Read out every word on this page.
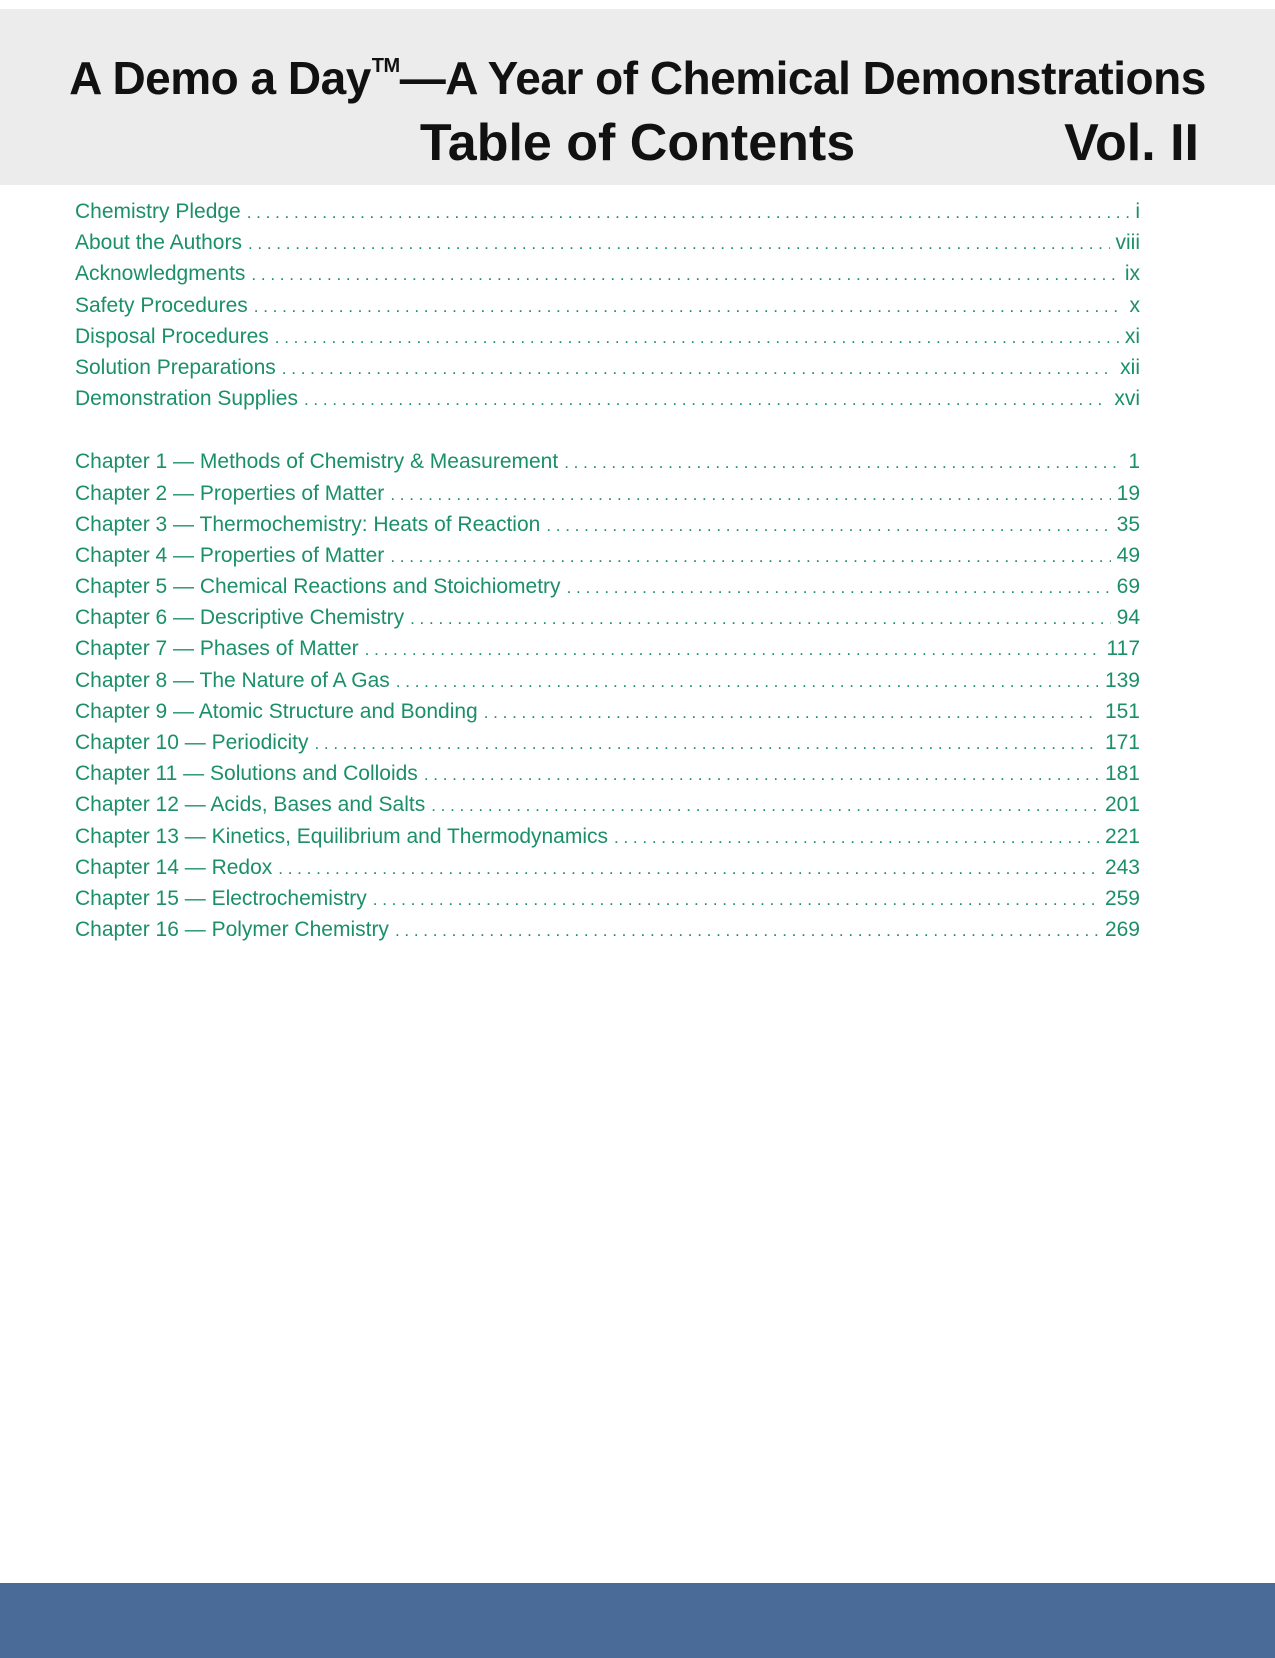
A Demo a Day™—A Year of Chemical Demonstrations
Table of Contents	Vol. II
Chemistry Pledge . . .	i
About the Authors . . .	viii
Acknowledgments . . .	ix
Safety Procedures . . .	x
Disposal Procedures . . .	xi
Solution Preparations . . .	xii
Demonstration Supplies . . .	xvi
Chapter 1 — Methods of Chemistry & Measurement . . .	1
Chapter 2 — Properties of Matter . . .	19
Chapter 3 — Thermochemistry: Heats of Reaction . . .	35
Chapter 4 — Properties of Matter . . .	49
Chapter 5 — Chemical Reactions and Stoichiometry . . .	69
Chapter 6 — Descriptive Chemistry . . .	94
Chapter 7 — Phases of Matter . . .	117
Chapter 8 — The Nature of A Gas . . .	139
Chapter 9 — Atomic Structure and Bonding . . .	151
Chapter 10 — Periodicity . . .	171
Chapter 11 — Solutions and Colloids . . .	181
Chapter 12 — Acids, Bases and Salts . . .	201
Chapter 13 — Kinetics, Equilibrium and Thermodynamics . . .	221
Chapter 14 — Redox . . .	243
Chapter 15 — Electrochemistry . . .	259
Chapter 16 — Polymer Chemistry . . .	269
